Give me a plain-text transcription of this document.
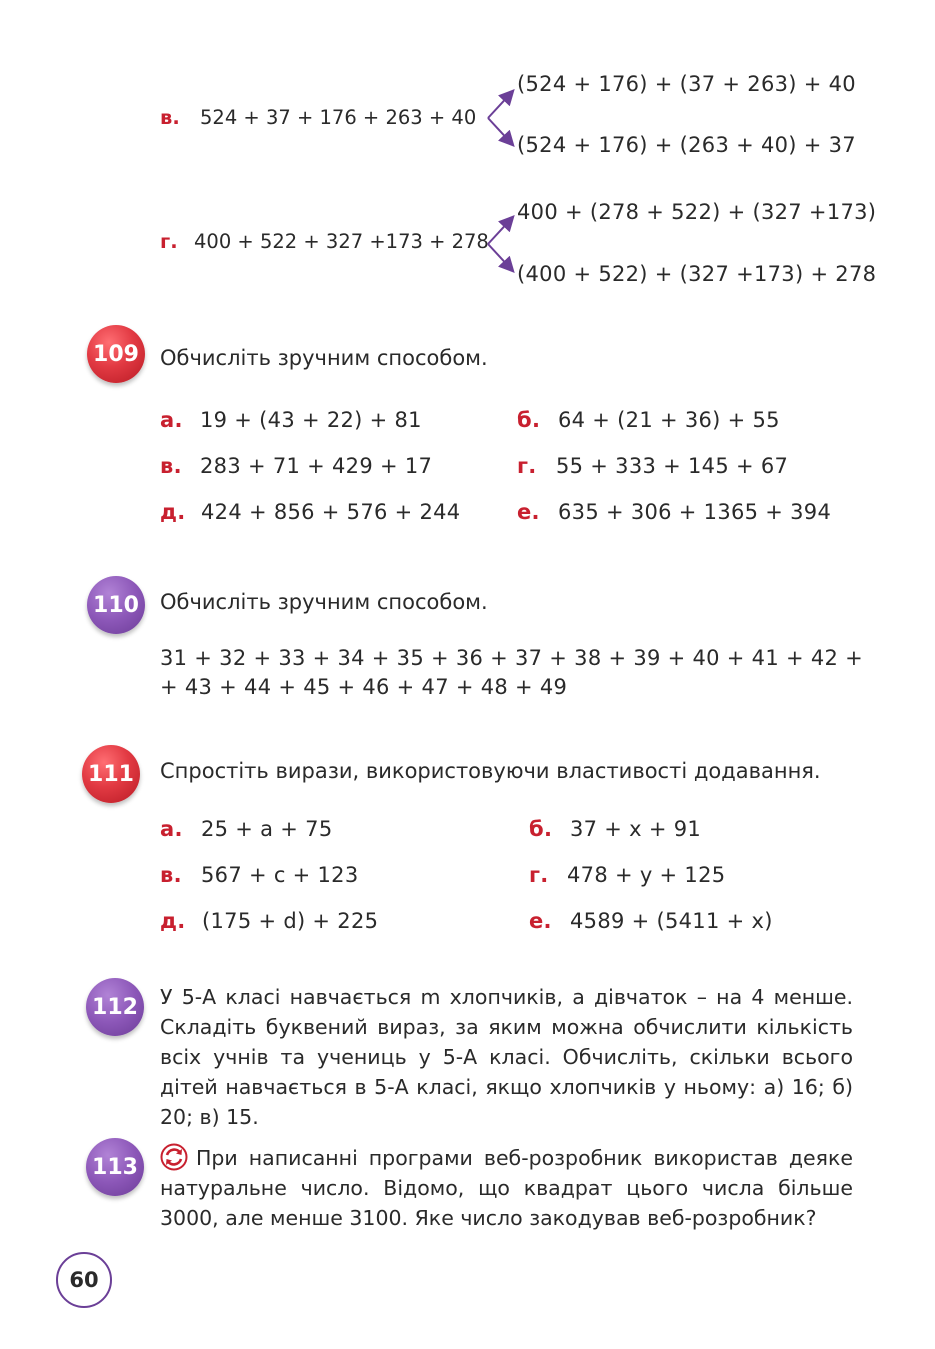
в. 524 + 37 + 176 + 263 + 40
(524 + 176) + (37 + 263) + 40
(524 + 176) + (263 + 40) + 37
г. 400 + 522 + 327 +173 + 278
400 + (278 + 522) + (327 +173)
(400 + 522) + (327 +173) + 278
109 Обчисліть зручним способом.
а. 19 + (43 + 22) + 81	б. 64 + (21 + 36) + 55
в. 283 + 71 + 429 + 17	г. 55 + 333 + 145 + 67
д. 424 + 856 + 576 + 244	е. 635 + 306 + 1365 + 394
110 Обчисліть зручним способом.
31 + 32 + 33 + 34 + 35 + 36 + 37 + 38 + 39 + 40 + 41 + 42 +
+ 43 + 44 + 45 + 46 + 47 + 48 + 49
111 Спростіть вирази, використовуючи властивості додавання.
а. 25 + a + 75	б. 37 + x + 91
в. 567 + c + 123	г. 478 + y + 125
д. (175 + d) + 225	е. 4589 + (5411 + x)
112 У 5-А класі навчається m хлопчиків, а дівчаток – на 4 менше. Складіть буквений вираз, за яким можна обчислити кількість всіх учнів та учениць у 5-А класі. Обчисліть, скільки всього дітей навчається в 5-А класі, якщо хлопчиків у ньому: а) 16; б) 20; в) 15.
113	При написанні програми веб-розробник використав деяке натуральне число. Відомо, що квадрат цього числа більше 3000, але менше 3100. Яке число закодував веб-розробник?
60
